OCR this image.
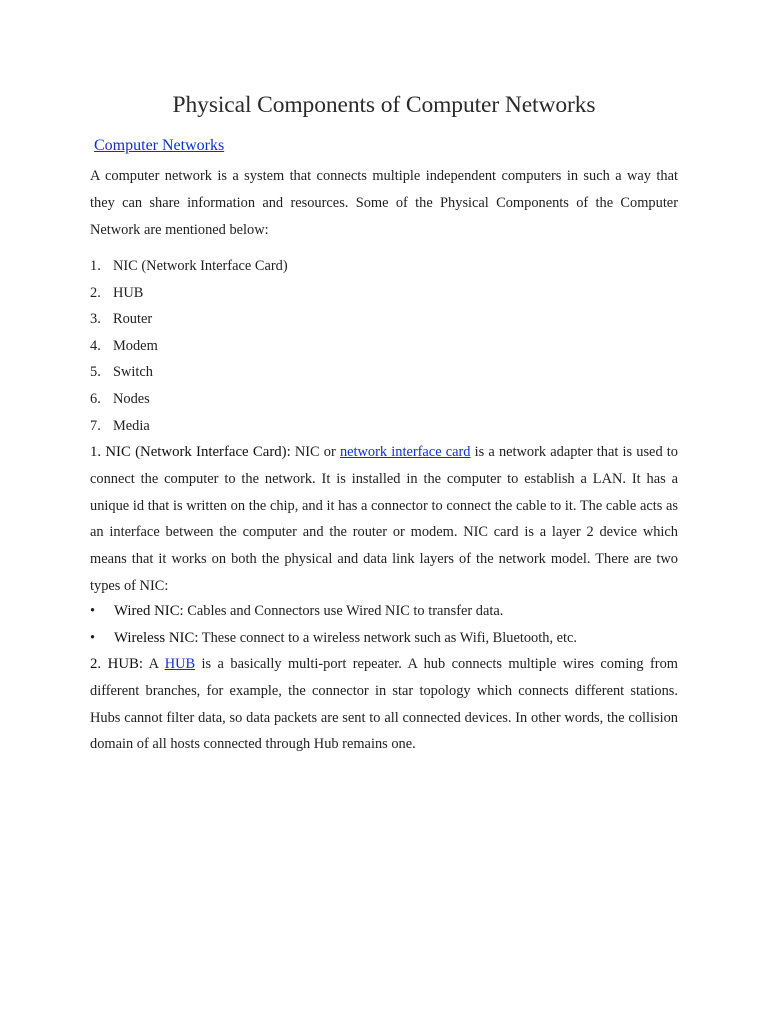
Physical Components of Computer Networks
Computer Networks

A computer network is a system that connects multiple independent computers in such a way that they can share information and resources. Some of the Physical Components of the Computer Network are mentioned below:

1. NIC (Network Interface Card)
2. HUB
3. Router
4. Modem
5. Switch
6. Nodes
7. Media

1. NIC (Network Interface Card): NIC or network interface card is a network adapter that is used to connect the computer to the network. It is installed in the computer to establish a LAN. It has a unique id that is written on the chip, and it has a connector to connect the cable to it. The cable acts as an interface between the computer and the router or modem. NIC card is a layer 2 device which means that it works on both the physical and data link layers of the network model. There are two types of NIC:

• Wired NIC: Cables and Connectors use Wired NIC to transfer data.
• Wireless NIC: These connect to a wireless network such as Wifi, Bluetooth, etc.

2. HUB: A HUB is a basically multi-port repeater. A hub connects multiple wires coming from different branches, for example, the connector in star topology which connects different stations. Hubs cannot filter data, so data packets are sent to all connected devices. In other words, the collision domain of all hosts connected through Hub remains one.
